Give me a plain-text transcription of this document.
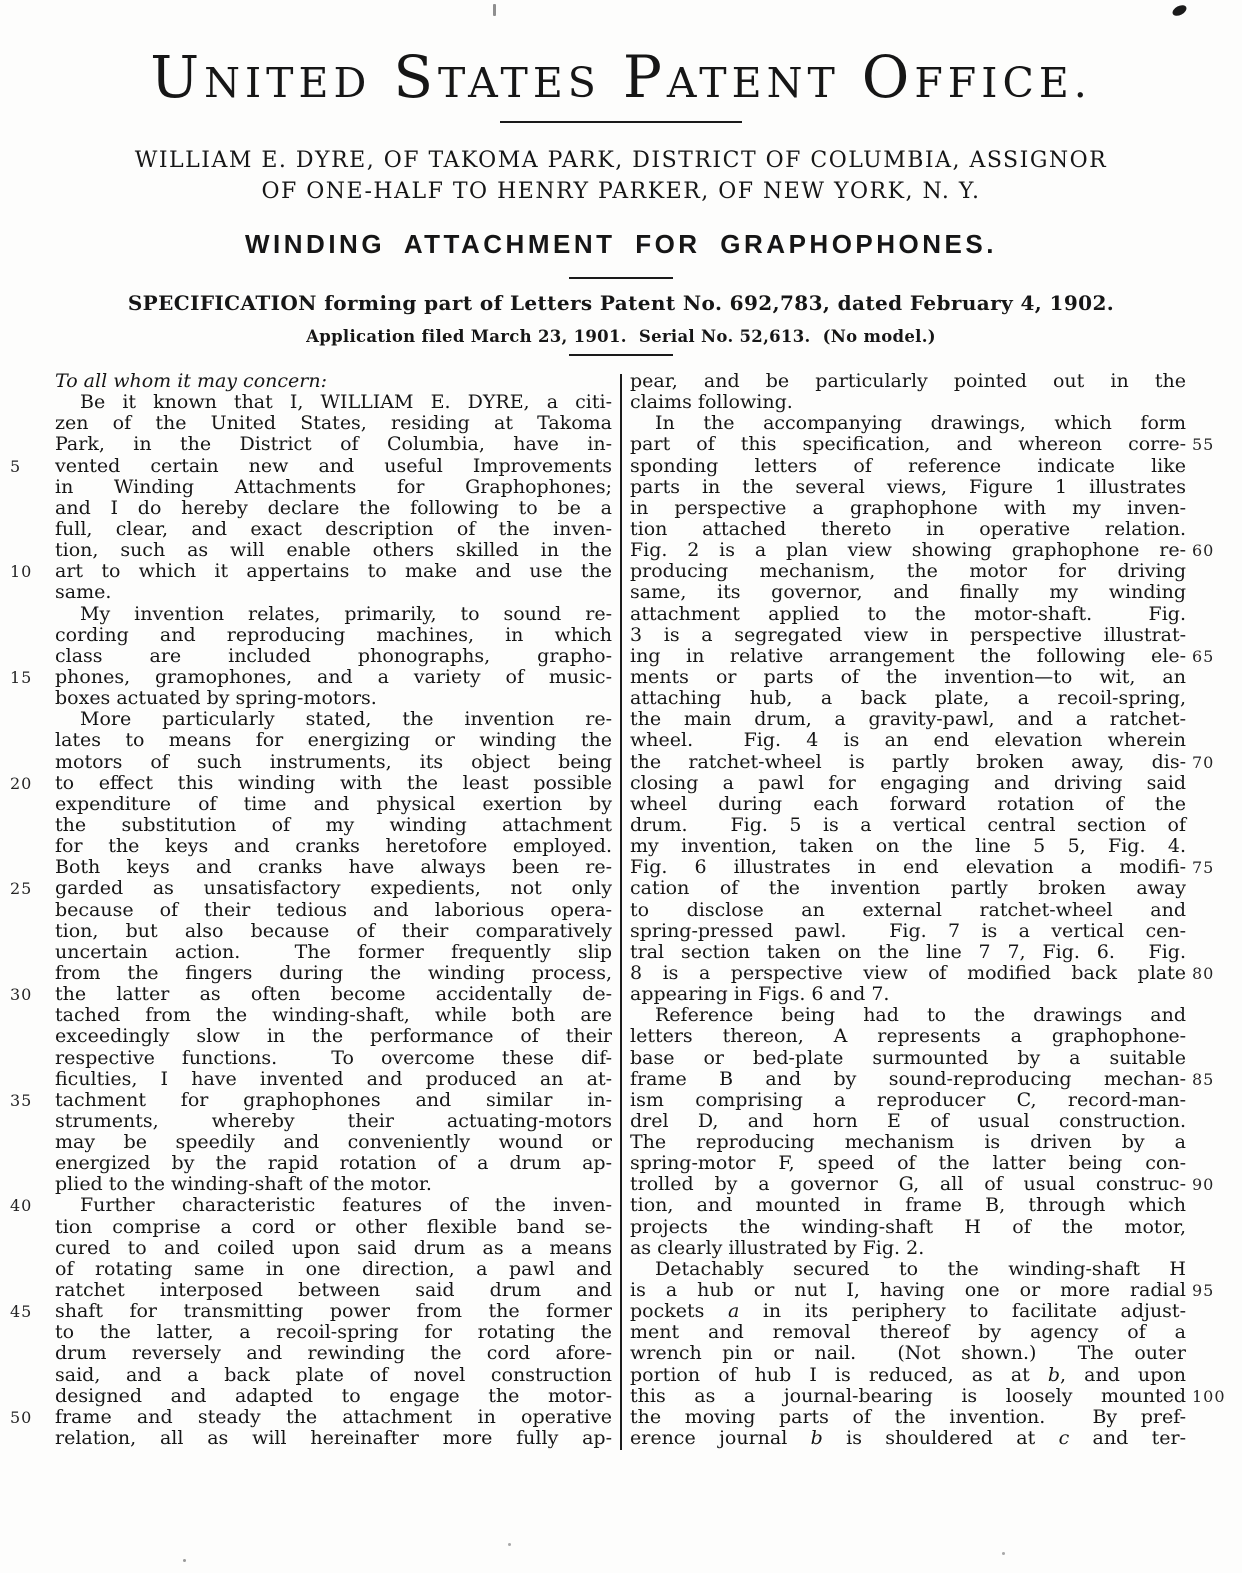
UNITED STATES PATENT OFFICE.
WILLIAM E. DYRE, OF TAKOMA PARK, DISTRICT OF COLUMBIA, ASSIGNOR
OF ONE-HALF TO HENRY PARKER, OF NEW YORK, N. Y.
WINDING ATTACHMENT FOR GRAPHOPHONES.
SPECIFICATION forming part of Letters Patent No. 692,783, dated February 4, 1902.
Application filed March 23, 1901.  Serial No. 52,613.  (No model.)
To all whom it may concern:
Be it known that I, WILLIAM E. DYRE, a citi-
zen of the United States, residing at Takoma
Park, in the District of Columbia, have in-
5	vented certain new and useful Improvements
in Winding Attachments for Graphophones;
and I do hereby declare the following to be a
full, clear, and exact description of the inven-
tion, such as will enable others skilled in the
10	art to which it appertains to make and use the
same.
My invention relates, primarily, to sound re-
cording and reproducing machines, in which
class are included phonographs, grapho-
15	phones, gramophones, and a variety of music-
boxes actuated by spring-motors.
More particularly stated, the invention re-
lates to means for energizing or winding the
motors of such instruments, its object being
20	to effect this winding with the least possible
expenditure of time and physical exertion by
the substitution of my winding attachment
for the keys and cranks heretofore employed.
Both keys and cranks have always been re-
25	garded as unsatisfactory expedients, not only
because of their tedious and laborious opera-
tion, but also because of their comparatively
uncertain action.  The former frequently slip
from the fingers during the winding process,
30	the latter as often become accidentally de-
tached from the winding-shaft, while both are
exceedingly slow in the performance of their
respective functions.  To overcome these dif-
ficulties, I have invented and produced an at-
35	tachment for graphophones and similar in-
struments, whereby their actuating-motors
may be speedily and conveniently wound or
energized by the rapid rotation of a drum ap-
plied to the winding-shaft of the motor.
40	Further characteristic features of the inven-
tion comprise a cord or other flexible band se-
cured to and coiled upon said drum as a means
of rotating same in one direction, a pawl and
ratchet interposed between said drum and
45	shaft for transmitting power from the former
to the latter, a recoil-spring for rotating the
drum reversely and rewinding the cord afore-
said, and a back plate of novel construction
designed and adapted to engage the motor-
50	frame and steady the attachment in operative
relation, all as will hereinafter more fully ap-
pear, and be particularly pointed out in the
claims following.
In the accompanying drawings, which form
55
part of this specification, and whereon corre-
sponding letters of reference indicate like
parts in the several views, Figure 1 illustrates
in perspective a graphophone with my inven-
tion attached thereto in operative relation.
60
Fig. 2 is a plan view showing graphophone re-
producing mechanism, the motor for driving
same, its governor, and finally my winding
attachment applied to the motor-shaft.  Fig.
3 is a segregated view in perspective illustrat-
65
ing in relative arrangement the following ele-
ments or parts of the invention—to wit, an
attaching hub, a back plate, a recoil-spring,
the main drum, a gravity-pawl, and a ratchet-
wheel.  Fig. 4 is an end elevation wherein
70
the ratchet-wheel is partly broken away, dis-
closing a pawl for engaging and driving said
wheel during each forward rotation of the
drum.  Fig. 5 is a vertical central section of
my invention, taken on the line 5 5, Fig. 4.
75
Fig. 6 illustrates in end elevation a modifi-
cation of the invention partly broken away
to disclose an external ratchet-wheel and
spring-pressed pawl.  Fig. 7 is a vertical cen-
tral section taken on the line 7 7, Fig. 6.  Fig.
80
8 is a perspective view of modified back plate
appearing in Figs. 6 and 7.
Reference being had to the drawings and
letters thereon, A represents a graphophone-
base or bed-plate surmounted by a suitable
85
frame B and by sound-reproducing mechan-
ism comprising a reproducer C, record-man-
drel D, and horn E of usual construction.
The reproducing mechanism is driven by a
spring-motor F, speed of the latter being con-
90
trolled by a governor G, all of usual construc-
tion, and mounted in frame B, through which
projects the winding-shaft H of the motor,
as clearly illustrated by Fig. 2.
Detachably secured to the winding-shaft H
95
is a hub or nut I, having one or more radial
pockets a in its periphery to facilitate adjust-
ment and removal thereof by agency of a
wrench pin or nail.  (Not shown.)  The outer
portion of hub I is reduced, as at b, and upon
100
this as a journal-bearing is loosely mounted
the moving parts of the invention.  By pref-
erence journal b is shouldered at c and ter-
